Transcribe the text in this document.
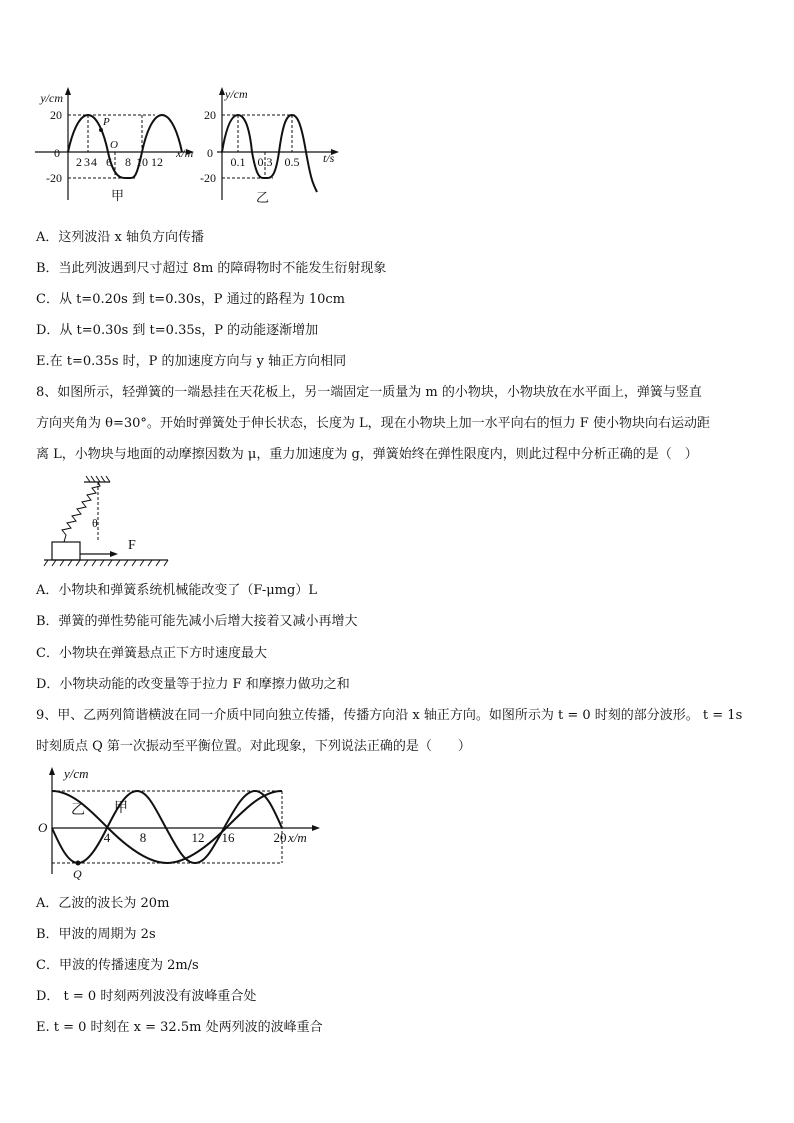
y/cm
20
-20
0
P
O
2 3 4 6 8 10 12
x/m
甲
y/cm
20
-20
0
0.1 0.3 0.5 t/s
乙
θ
F
y/cm
O
乙 甲
Q
4 8	12 16	20 x/m
A．这列波沿 x 轴负方向传播
B．当此列波遇到尺寸超过 8m 的障碍物时不能发生衍射现象
C．从 t=0.20s 到 t=0.30s，P 通过的路程为 10cm
D．从 t=0.30s 到 t=0.35s，P 的动能逐渐增加
E.在 t=0.35s 时，P 的加速度方向与 y 轴正方向相同
8、如图所示，轻弹簧的一端悬挂在天花板上，另一端固定一质量为 m 的小物块，小物块放在水平面上，弹簧与竖直
方向夹角为 θ=30°。开始时弹簧处于伸长状态，长度为 L，现在小物块上加一水平向右的恒力 F 使小物块向右运动距
离 L，小物块与地面的动摩擦因数为 μ，重力加速度为 g，弹簧始终在弹性限度内，则此过程中分析正确的是（　）
A．小物块和弹簧系统机械能改变了（F-μmg）L
B．弹簧的弹性势能可能先减小后增大接着又减小再增大
C．小物块在弹簧悬点正下方时速度最大
D．小物块动能的改变量等于拉力 F 和摩擦力做功之和
9、甲、乙两列简谐横波在同一介质中同向独立传播，传播方向沿 x 轴正方向。如图所示为 t = 0 时刻的部分波形。 t = 1s
时刻质点 Q 第一次振动至平衡位置。对此现象，下列说法正确的是（　　）
A．乙波的波长为 20m
B．甲波的周期为 2s
C．甲波的传播速度为 2m/s
D． t = 0 时刻两列波没有波峰重合处
E. t = 0 时刻在 x = 32.5m 处两列波的波峰重合
